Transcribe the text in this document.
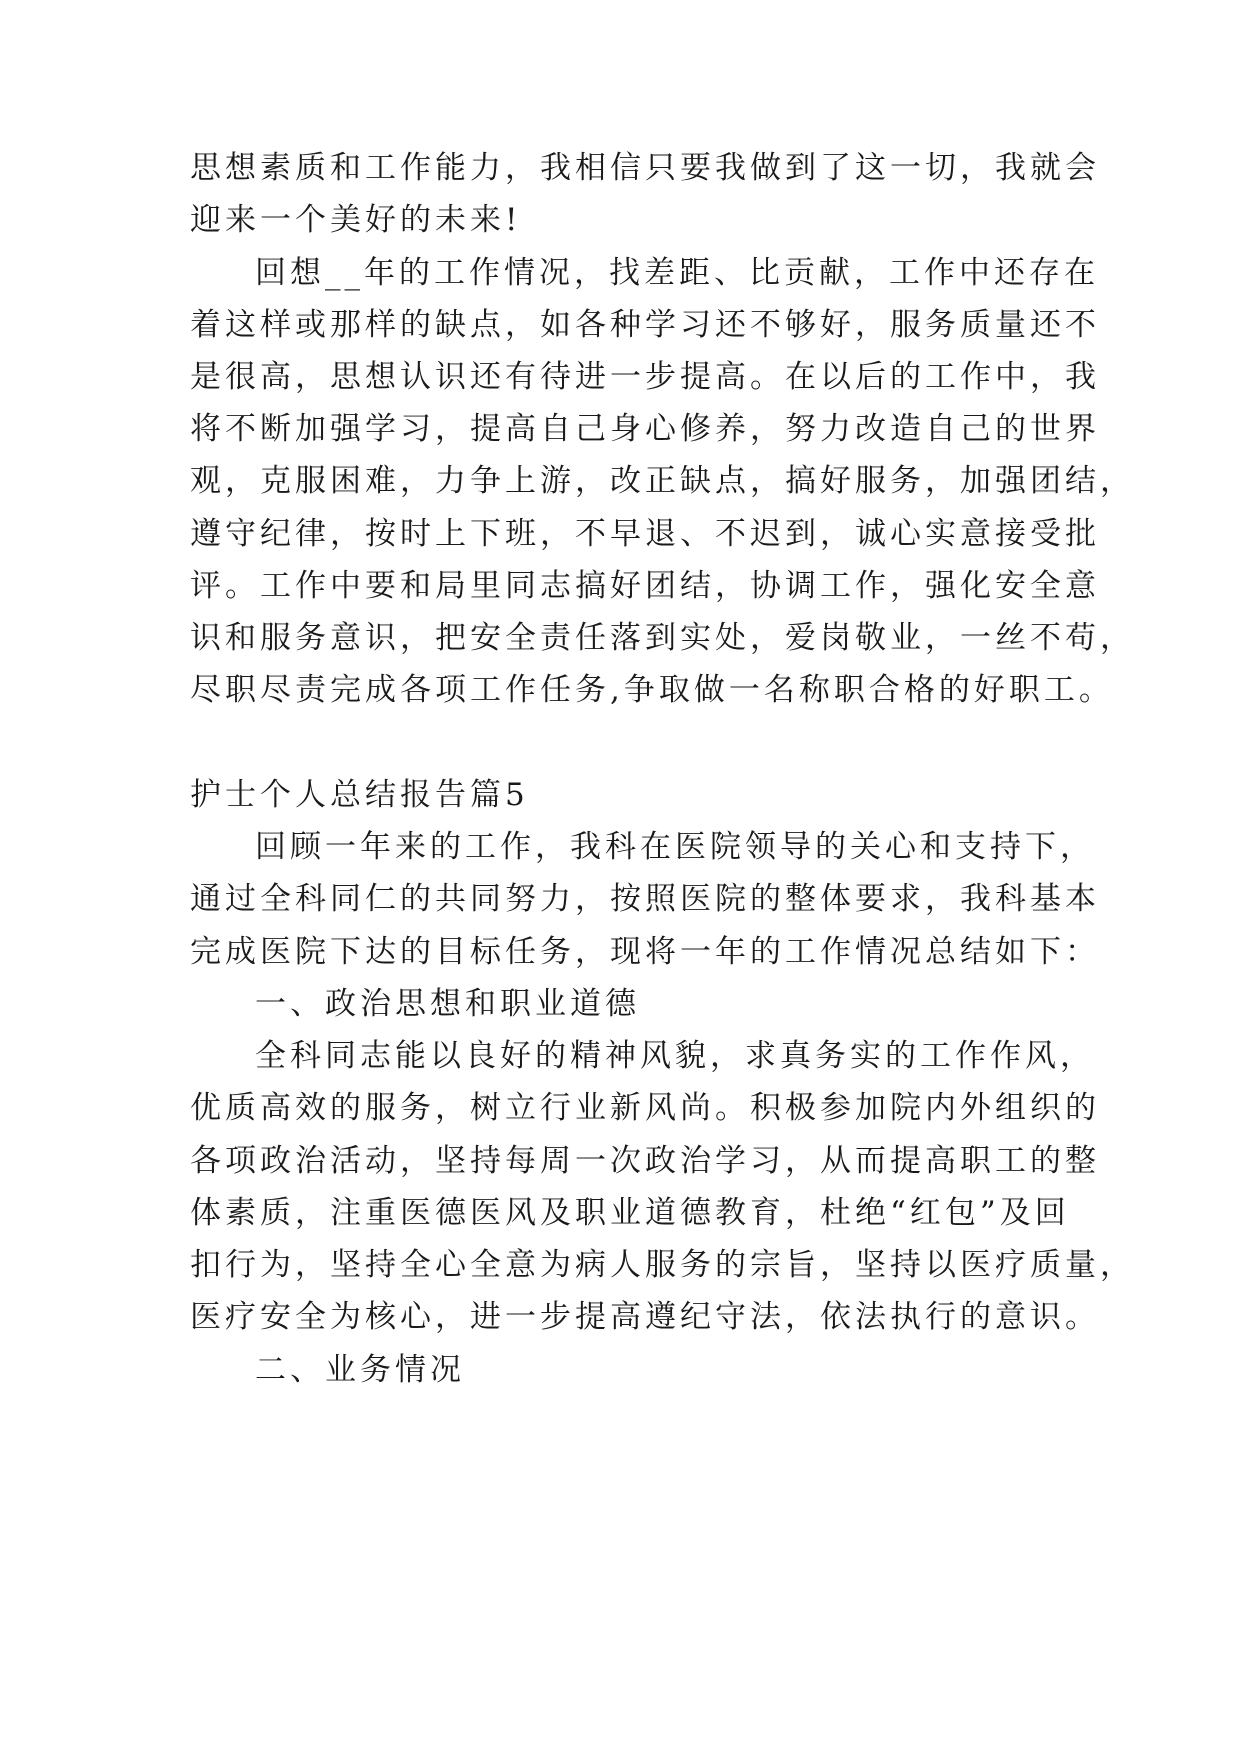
思想素质和工作能力，我相信只要我做到了这一切，我就会
迎来一个美好的未来!
回想__年的工作情况，找差距、比贡献，工作中还存在
着这样或那样的缺点，如各种学习还不够好，服务质量还不
是很高，思想认识还有待进一步提高。在以后的工作中，我
将不断加强学习，提高自己身心修养，努力改造自己的世界
观，克服困难，力争上游，改正缺点，搞好服务，加强团结，
遵守纪律，按时上下班，不早退、不迟到，诚心实意接受批
评。工作中要和局里同志搞好团结，协调工作，强化安全意
识和服务意识，把安全责任落到实处，爱岗敬业，一丝不苟，
尽职尽责完成各项工作任务,争取做一名称职合格的好职工。
护士个人总结报告篇5
回顾一年来的工作，我科在医院领导的关心和支持下，
通过全科同仁的共同努力，按照医院的整体要求，我科基本
完成医院下达的目标任务，现将一年的工作情况总结如下：
一、政治思想和职业道德
全科同志能以良好的精神风貌，求真务实的工作作风，
优质高效的服务，树立行业新风尚。积极参加院内外组织的
各项政治活动，坚持每周一次政治学习，从而提高职工的整
体素质，注重医德医风及职业道德教育，杜绝“红包”及回
扣行为，坚持全心全意为病人服务的宗旨，坚持以医疗质量，
医疗安全为核心，进一步提高遵纪守法，依法执行的意识。
二、业务情况
